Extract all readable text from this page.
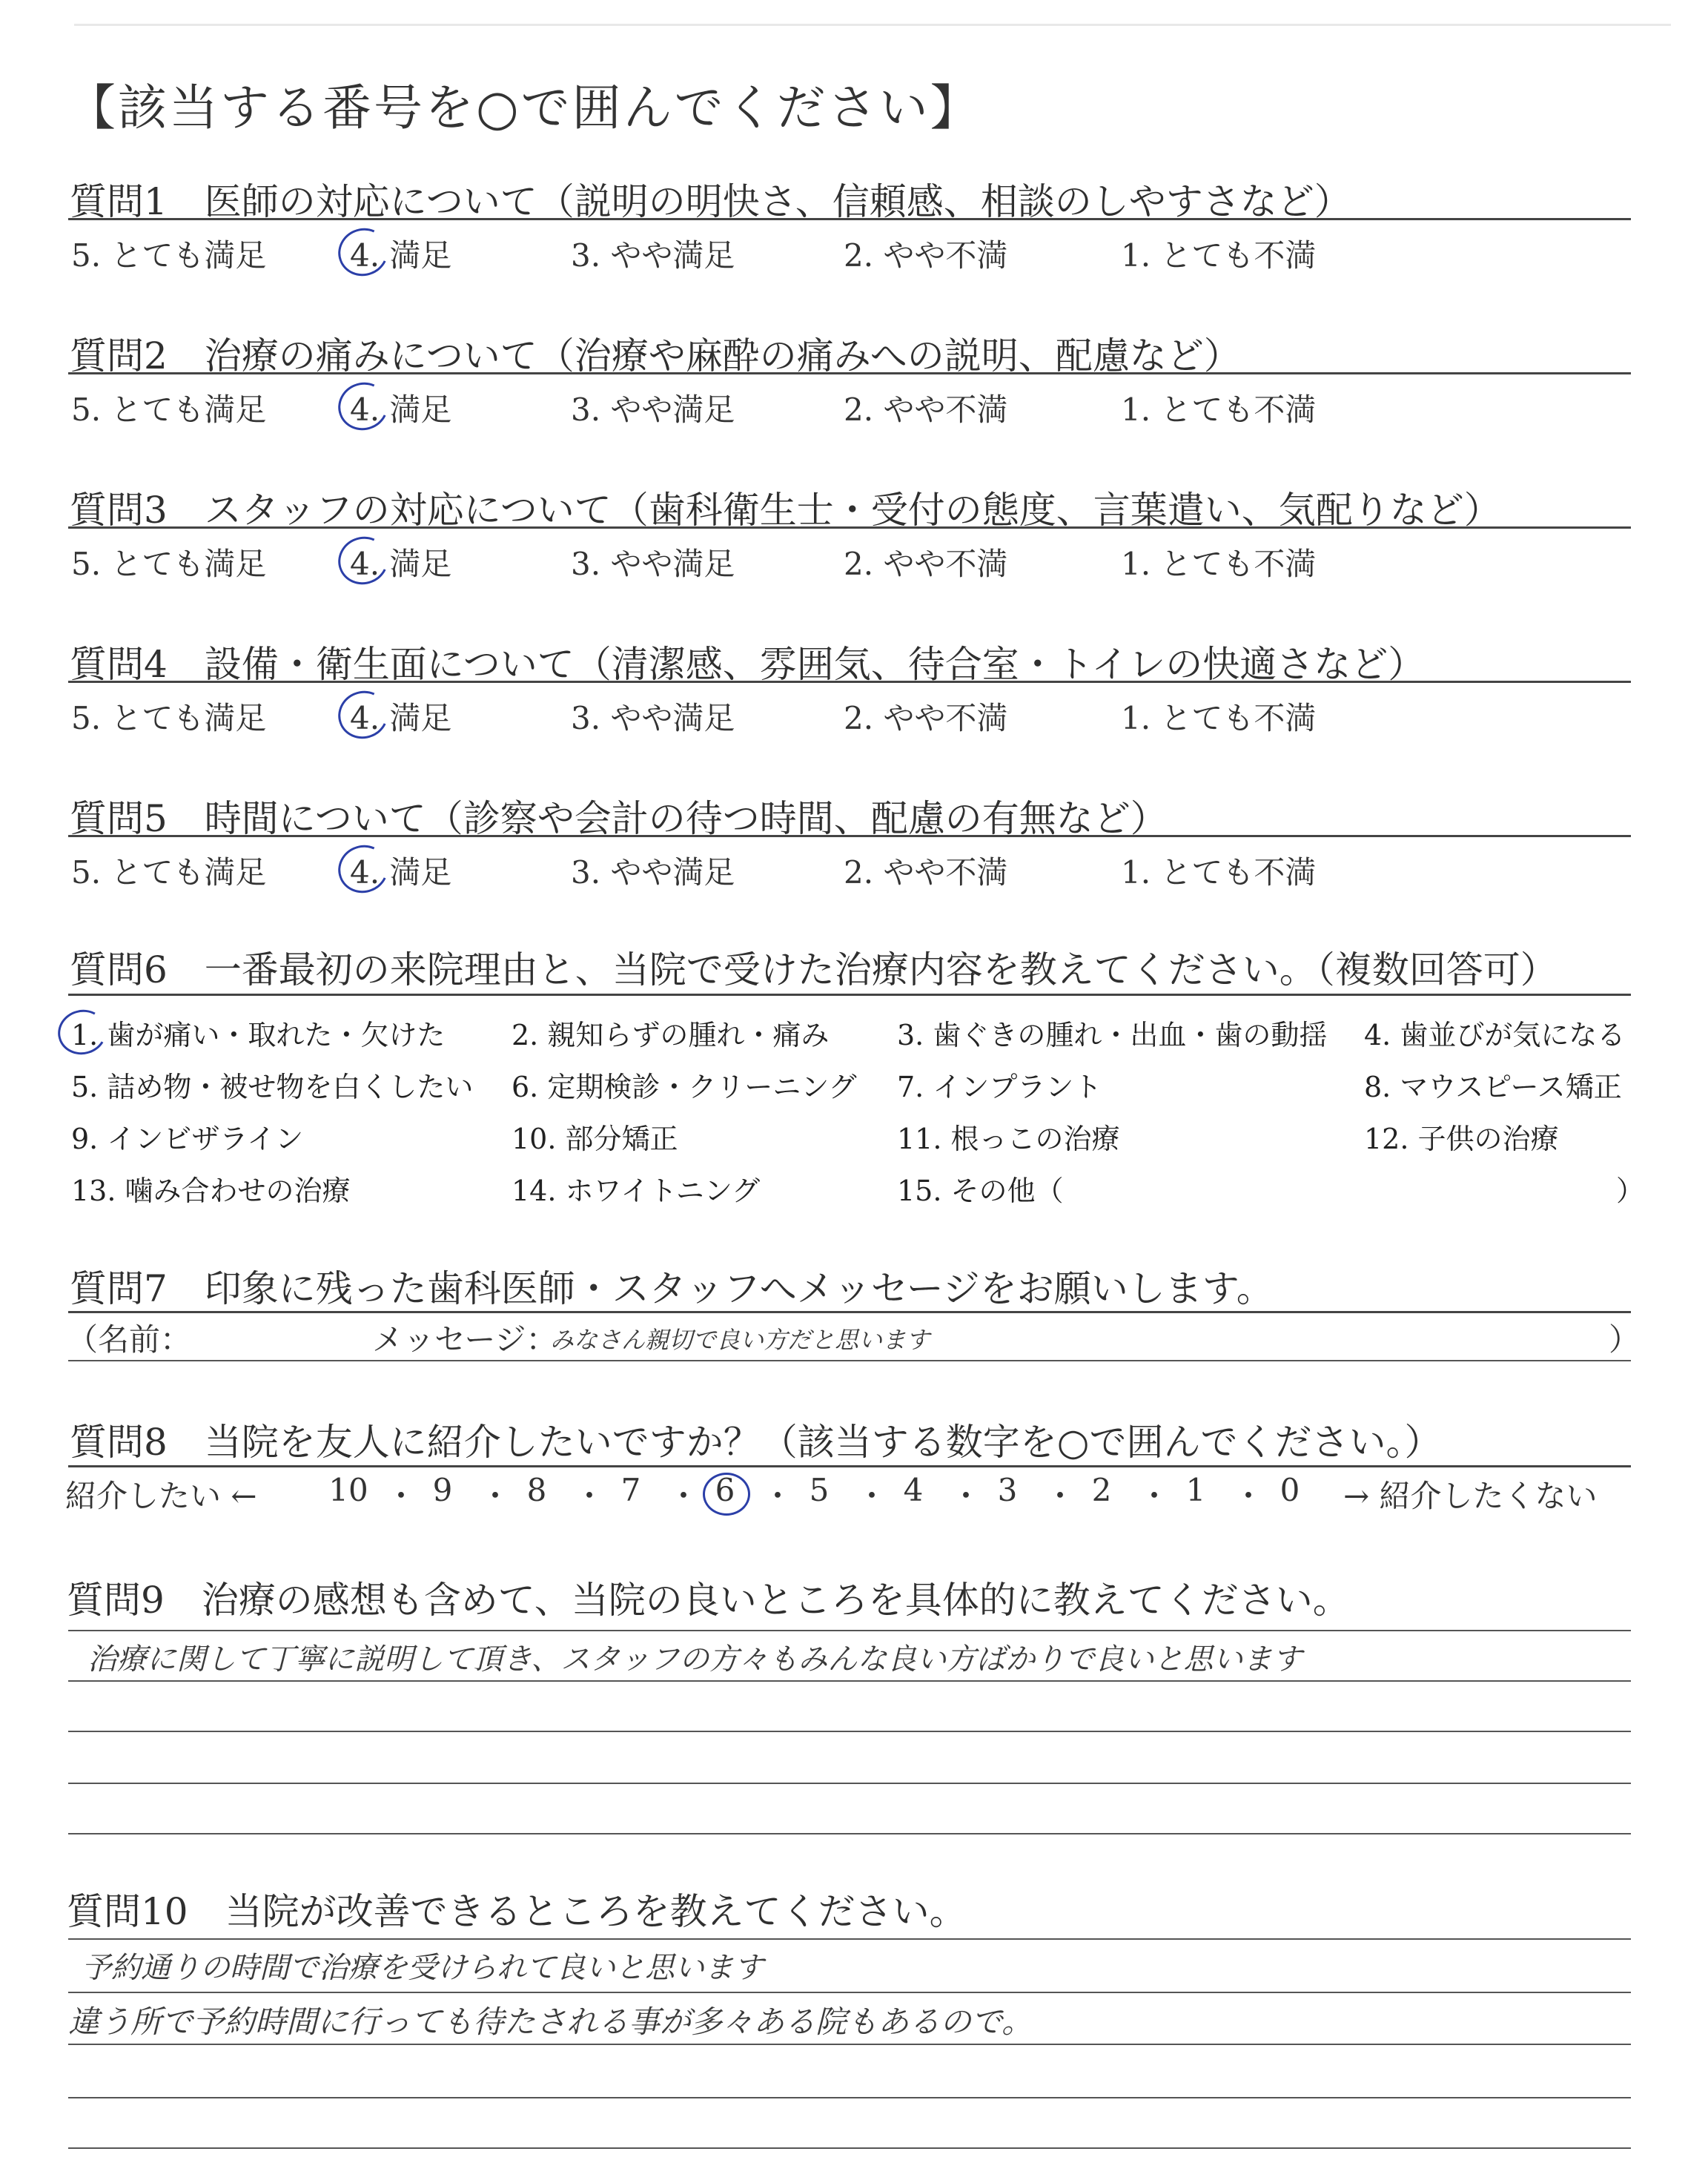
【該当する番号を○で囲んでください】
質問1　医師の対応について（説明の明快さ、信頼感、相談のしやすさなど）
5. とても満足	4. 満足	3. やや満足	2. やや不満	1. とても不満
質問2　治療の痛みについて（治療や麻酔の痛みへの説明、配慮など）
5. とても満足	4. 満足	3. やや満足	2. やや不満	1. とても不満
質問3　スタッフの対応について（歯科衛生士・受付の態度、言葉遣い、気配りなど）
5. とても満足	4. 満足	3. やや満足	2. やや不満	1. とても不満
質問4　設備・衛生面について（清潔感、雰囲気、待合室・トイレの快適さなど）
5. とても満足	4. 満足	3. やや満足	2. やや不満	1. とても不満
質問5　時間について（診察や会計の待つ時間、配慮の有無など）
5. とても満足	4. 満足	3. やや満足	2. やや不満	1. とても不満
質問6　一番最初の来院理由と、当院で受けた治療内容を教えてください。（複数回答可）
1. 歯が痛い・取れた・欠けた 2. 親知らずの腫れ・痛み 3. 歯ぐきの腫れ・出血・歯の動揺 4. 歯並びが気になる
5. 詰め物・被せ物を白くしたい 6. 定期検診・クリーニング 7. インプラント	8. マウスピース矯正
9. インビザライン	10. 部分矯正	11. 根っこの治療	12. 子供の治療
13. 噛み合わせの治療	14. ホワイトニング	15. その他（	）
質問7　印象に残った歯科医師・スタッフへメッセージをお願いします。
（名前：	メッセージ：
みなさん親切で良い方だと思います	）
質問8　当院を友人に紹介したいですか？（該当する数字を○で囲んでください。）
紹介したい ← 10 ・ 9 ・ 8 ・ 7 ・ 6 ・ 5 ・ 4 ・ 3 ・ 2 ・ 1 ・ 0	→ 紹介したくない
質問9　治療の感想も含めて、当院の良いところを具体的に教えてください。
治療に関して丁寧に説明して頂き、スタッフの方々もみんな良い方ばかりで良いと思います
質問10　当院が改善できるところを教えてください。
予約通りの時間で治療を受けられて良いと思います
違う所で予約時間に行っても待たされる事が多々ある院もあるので。
